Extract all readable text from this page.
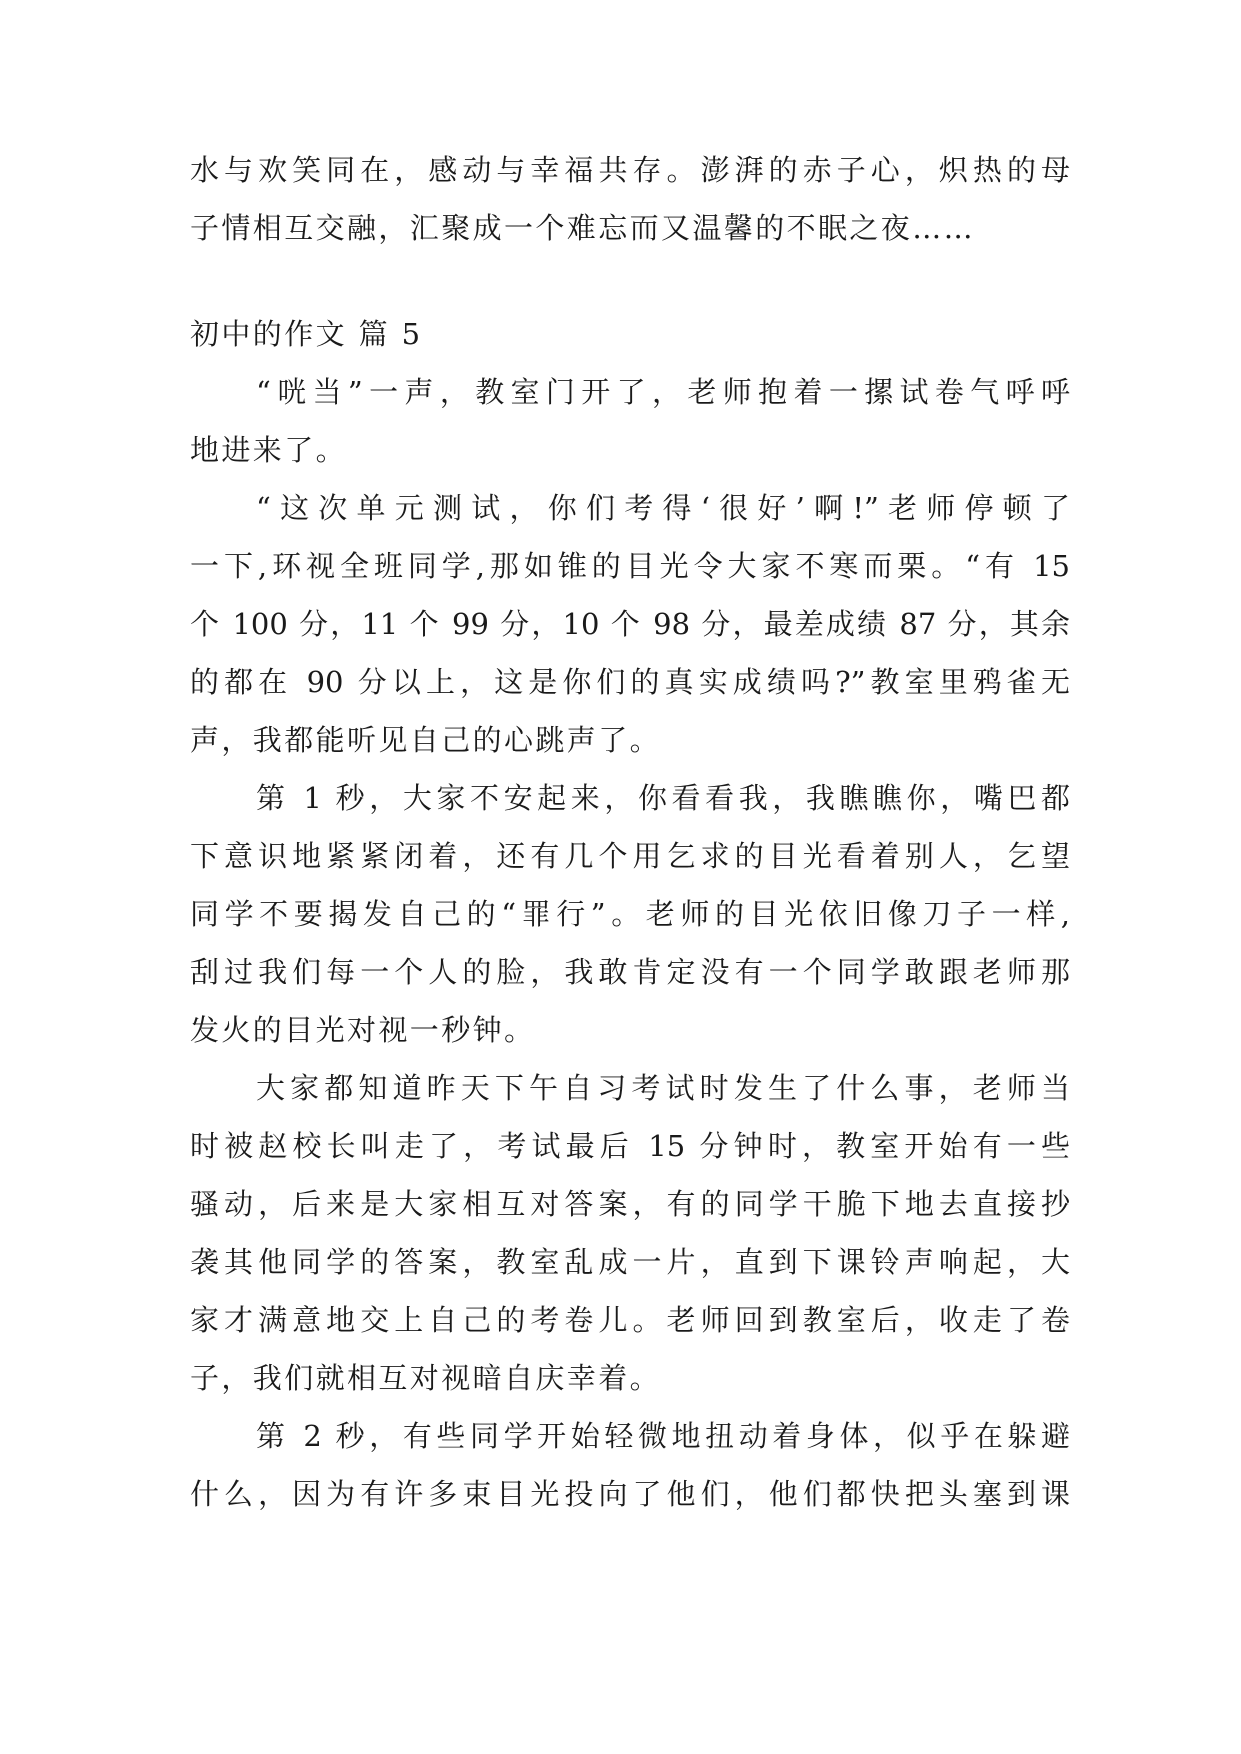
水与欢笑同在，感动与幸福共存。澎湃的赤子心，炽热的母
子情相互交融，汇聚成一个难忘而又温馨的不眠之夜……
初中的作文 篇 5
“咣当”一声，教室门开了，老师抱着一摞试卷气呼呼
地进来了。
“这次单元测试，你们考得‘很好’啊!”老师停顿了
一下,环视全班同学,那如锥的目光令大家不寒而栗。“有 15
个 100 分，11 个 99 分，10 个 98 分，最差成绩 87 分，其余
的都在 90 分以上，这是你们的真实成绩吗?”教室里鸦雀无
声，我都能听见自己的心跳声了。
第 1 秒，大家不安起来，你看看我，我瞧瞧你，嘴巴都
下意识地紧紧闭着，还有几个用乞求的目光看着别人，乞望
同学不要揭发自己的“罪行”。老师的目光依旧像刀子一样,
刮过我们每一个人的脸，我敢肯定没有一个同学敢跟老师那
发火的目光对视一秒钟。
大家都知道昨天下午自习考试时发生了什么事，老师当
时被赵校长叫走了，考试最后 15 分钟时，教室开始有一些
骚动，后来是大家相互对答案，有的同学干脆下地去直接抄
袭其他同学的答案，教室乱成一片，直到下课铃声响起，大
家才满意地交上自己的考卷儿。老师回到教室后，收走了卷
子，我们就相互对视暗自庆幸着。
第 2 秒，有些同学开始轻微地扭动着身体，似乎在躲避
什么，因为有许多束目光投向了他们，他们都快把头塞到课
